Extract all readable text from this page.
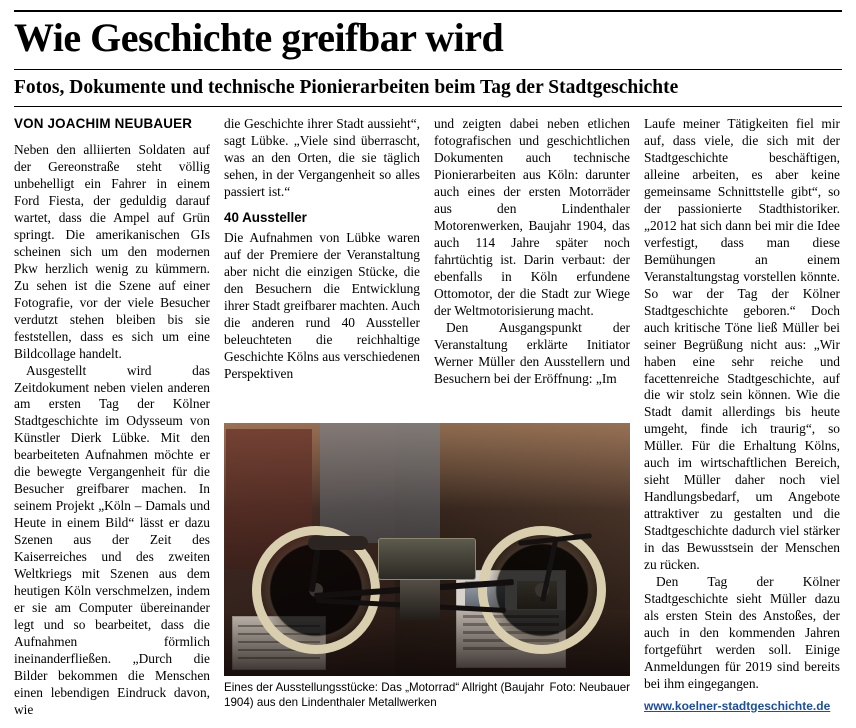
Wie Geschichte greifbar wird
Fotos, Dokumente und technische Pionierarbeiten beim Tag der Stadtgeschichte
VON JOACHIM NEUBAUER

Neben den alliierten Soldaten auf der Gereonstraße steht völlig unbehelligt ein Fahrer in einem Ford Fiesta, der geduldig darauf wartet, dass die Ampel auf Grün springt. Die amerikanischen GIs scheinen sich um den modernen Pkw herzlich wenig zu kümmern. Zu sehen ist die Szene auf einer Fotografie, vor der viele Besucher verdutzt stehen bleiben bis sie feststellen, dass es sich um eine Bildcollage handelt.

Ausgestellt wird das Zeitdokument neben vielen anderen am ersten Tag der Kölner Stadtgeschichte im Odysseum von Künstler Dierk Lübke. Mit den bearbeiteten Aufnahmen möchte er die bewegte Vergangenheit für die Besucher greifbarer machen. In seinem Projekt „Köln – Damals und Heute in einem Bild“ lässt er dazu Szenen aus der Zeit des Kaiserreiches und des zweiten Weltkriegs mit Szenen aus dem heutigen Köln verschmelzen, indem er sie am Computer übereinander legt und so bearbeitet, dass die Aufnahmen förmlich ineinanderfließen. „Durch die Bilder bekommen die Menschen einen lebendigen Eindruck davon, wie

die Geschichte ihrer Stadt aussieht“, sagt Lübke. „Viele sind überrascht, was an den Orten, die sie täglich sehen, in der Vergangenheit so alles passiert ist.“

40 Aussteller

Die Aufnahmen von Lübke waren auf der Premiere der Veranstaltung aber nicht die einzigen Stücke, die den Besuchern die Entwicklung ihrer Stadt greifbarer machten. Auch die anderen rund 40 Aussteller beleuchteten die reichhaltige Geschichte Kölns aus verschiedenen Perspektiven

und zeigten dabei neben etlichen fotografischen und geschichtlichen Dokumenten auch technische Pionierarbeiten aus Köln: darunter auch eines der ersten Motorräder aus den Lindenthaler Motorenwerken, Baujahr 1904, das auch 114 Jahre später noch fahrtüchtig ist. Darin verbaut: der ebenfalls in Köln erfundene Ottomotor, der die Stadt zur Wiege der Weltmotorisierung macht.

Den Ausgangspunkt der Veranstaltung erklärte Initiator Werner Müller den Ausstellern und Besuchern bei der Eröffnung: „Im

Laufe meiner Tätigkeiten fiel mir auf, dass viele, die sich mit der Stadtgeschichte beschäftigen, alleine arbeiten, es aber keine gemeinsame Schnittstelle gibt“, so der passionierte Stadthistoriker. „2012 hat sich dann bei mir die Idee verfestigt, dass man diese Bemühungen an einem Veranstaltungstag vorstellen könnte. So war der Tag der Kölner Stadtgeschichte geboren.“ Doch auch kritische Töne ließ Müller bei seiner Begrüßung nicht aus: „Wir haben eine sehr reiche und facettenreiche Stadtgeschichte, auf die wir stolz sein können. Wie die Stadt damit allerdings bis heute umgeht, finde ich traurig“, so Müller. Für die Erhaltung Kölns, auch im wirtschaftlichen Bereich, sieht Müller daher noch viel Handlungsbedarf, um Angebote attraktiver zu gestalten und die Stadtgeschichte dadurch viel stärker in das Bewusstsein der Menschen zu rücken.

Den Tag der Kölner Stadtgeschichte sieht Müller dazu als ersten Stein des Anstoßes, der auch in den kommenden Jahren fortgeführt werden soll. Einige Anmeldungen für 2019 sind bereits bei ihm eingegangen.

www.koelner-stadtgeschichte.de
Foto: Neubauer
Eines der Ausstellungsstücke: Das „Motorrad“ Allright (Baujahr 1904) aus den Lindenthaler Metallwerken
